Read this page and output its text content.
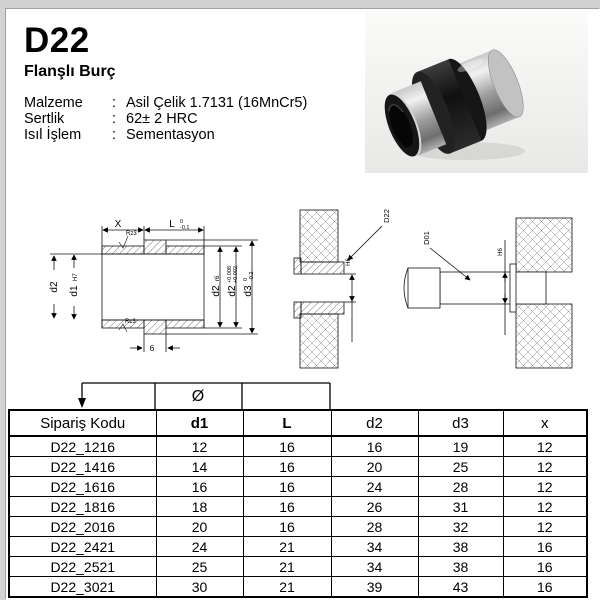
D22
Flanşlı Burç
Malzeme	: Asil Çelik 1.7131 (16MnCr5)
Sertlik	: 62± 2 HRC
Isıl İşlem	: Sementasyon
X	L 0
-0.1
d2 d1
H7
d2
r6
d2
+0.008 +0.002
d3
0 -0.2
Rz3
Rz3
6
H6
D22
H6
D01
Ø
Sipariş Kodu	d1	L	d2	d3	x
D22_1216	12	16	16	19	12
D22_1416	14	16	20	25	12
D22_1616	16	16	24	28	12
D22_1816	18	16	26	31	12
D22_2016	20	16	28	32	12
D22_2421	24	21	34	38	16
D22_2521	25	21	34	38	16
D22_3021	30	21	39	43	16
